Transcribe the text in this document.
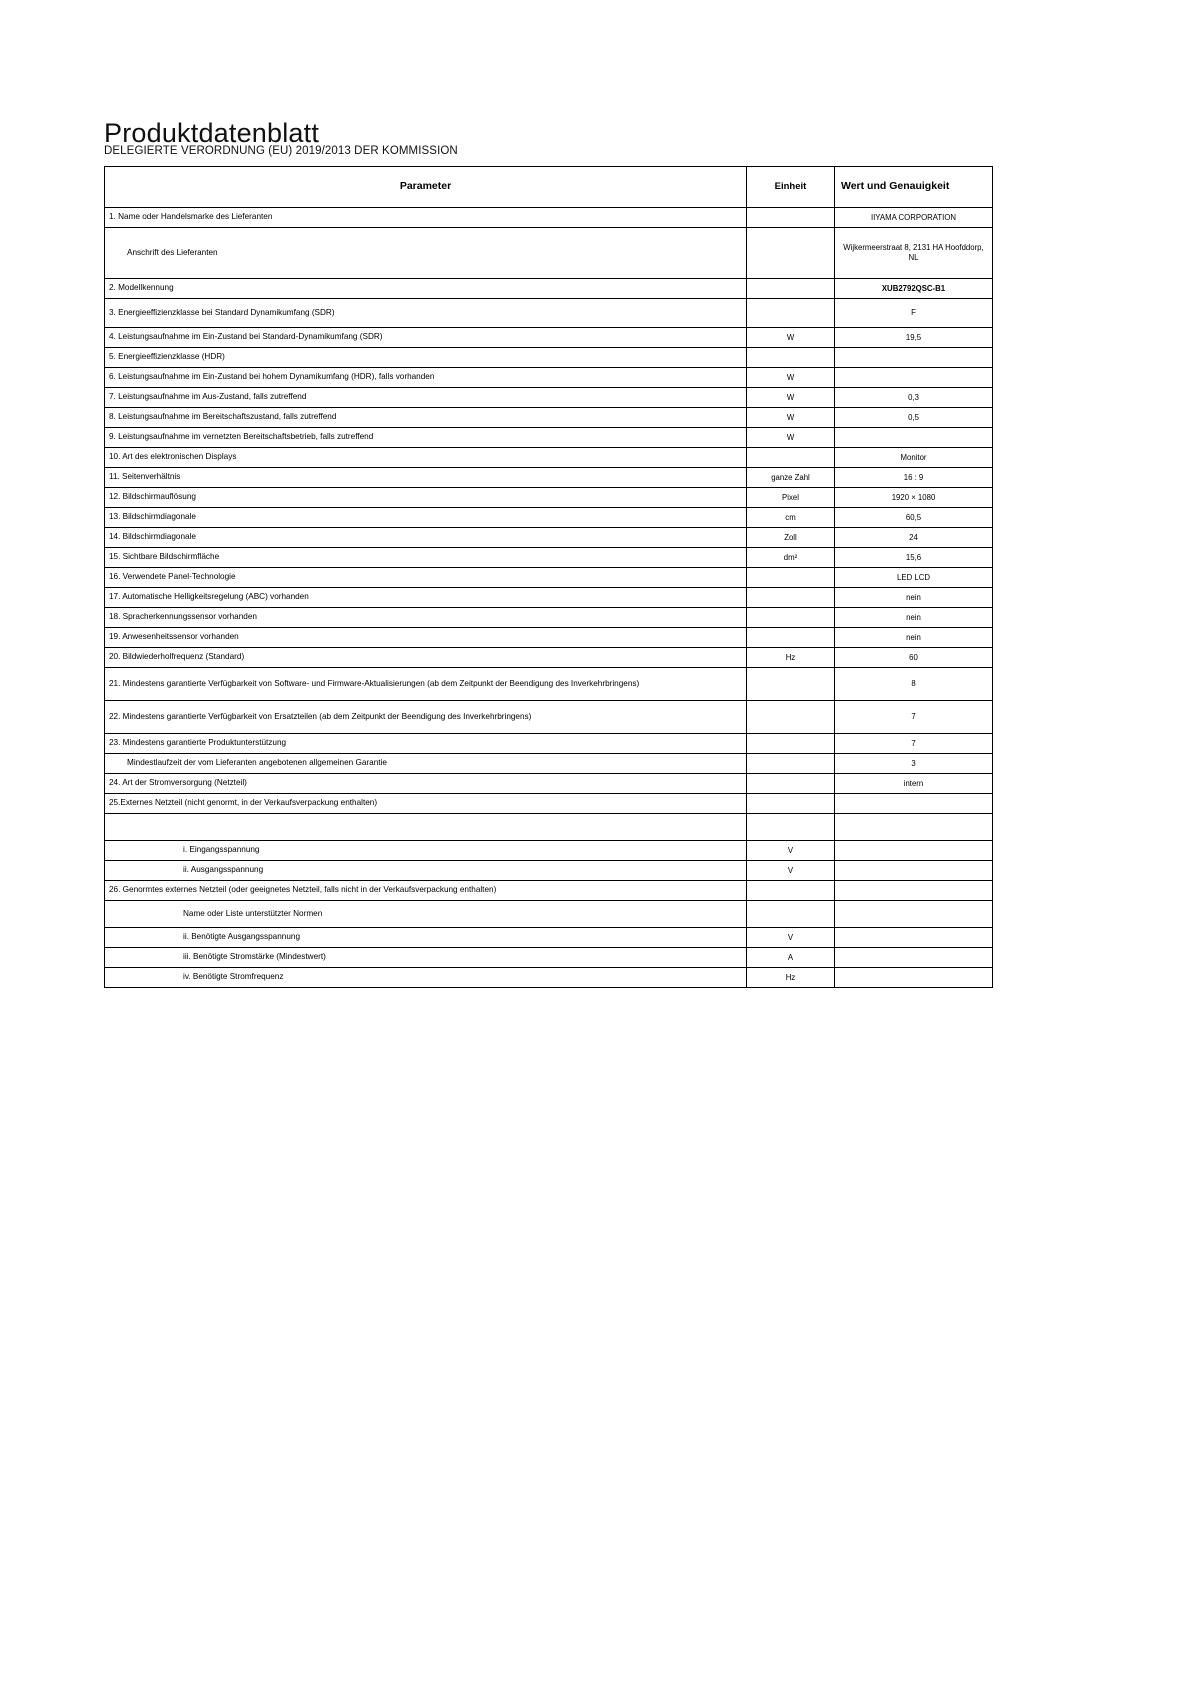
Produktdatenblatt
DELEGIERTE VERORDNUNG (EU) 2019/2013 DER KOMMISSION
Parameter	Einheit	Wert und Genauigkeit
1. Name oder Handelsmarke des Lieferanten		IIYAMA CORPORATION
Anschrift des Lieferanten		Wijkermeerstraat 8, 2131 HA Hoofddorp, NL
2. Modellkennung		XUB2792QSC-B1
3. Energieeffizienzklasse bei Standard Dynamikumfang (SDR)		F
4. Leistungsaufnahme im Ein-Zustand bei Standard-Dynamikumfang (SDR)	W	19,5
5. Energieeffizienzklasse (HDR)		
6. Leistungsaufnahme im Ein-Zustand bei hohem Dynamikumfang (HDR), falls vorhanden	W	
7. Leistungsaufnahme im Aus-Zustand, falls zutreffend	W	0,3
8. Leistungsaufnahme im Bereitschaftszustand, falls zutreffend	W	0,5
9. Leistungsaufnahme im vernetzten Bereitschaftsbetrieb, falls zutreffend	W	
10. Art des elektronischen Displays		Monitor
11. Seitenverhältnis	ganze Zahl	16 : 9
12. Bildschirmauflösung	Pixel	1920 × 1080
13. Bildschirmdiagonale	cm	60,5
14. Bildschirmdiagonale	Zoll	24
15. Sichtbare Bildschirmfläche	dm²	15,6
16. Verwendete Panel-Technologie		LED LCD
17. Automatische Helligkeitsregelung (ABC) vorhanden		nein
18. Spracherkennungssensor vorhanden		nein
19. Anwesenheitssensor vorhanden		nein
20. Bildwiederholfrequenz (Standard)	Hz	60
21. Mindestens garantierte Verfügbarkeit von Software- und Firmware-Aktualisierungen (ab dem Zeitpunkt der Beendigung des Inverkehrbringens)		8
22. Mindestens garantierte Verfügbarkeit von Ersatzteilen (ab dem Zeitpunkt der Beendigung des Inverkehrbringens)		7
23. Mindestens garantierte Produktunterstützung		7
Mindestlaufzeit der vom Lieferanten angebotenen allgemeinen Garantie		3
24. Art der Stromversorgung (Netzteil)		intern
25.Externes Netzteil (nicht genormt, in der Verkaufsverpackung enthalten)		

i. Eingangsspannung	V	
ii. Ausgangsspannung	V	
26. Genormtes externes Netzteil (oder geeignetes Netzteil, falls nicht in der Verkaufsverpackung enthalten)		
Name oder Liste unterstützter Normen		
ii. Benötigte Ausgangsspannung	V	
iii. Benötigte Stromstärke (Mindestwert)	A	
iv. Benötigte Stromfrequenz	Hz	
